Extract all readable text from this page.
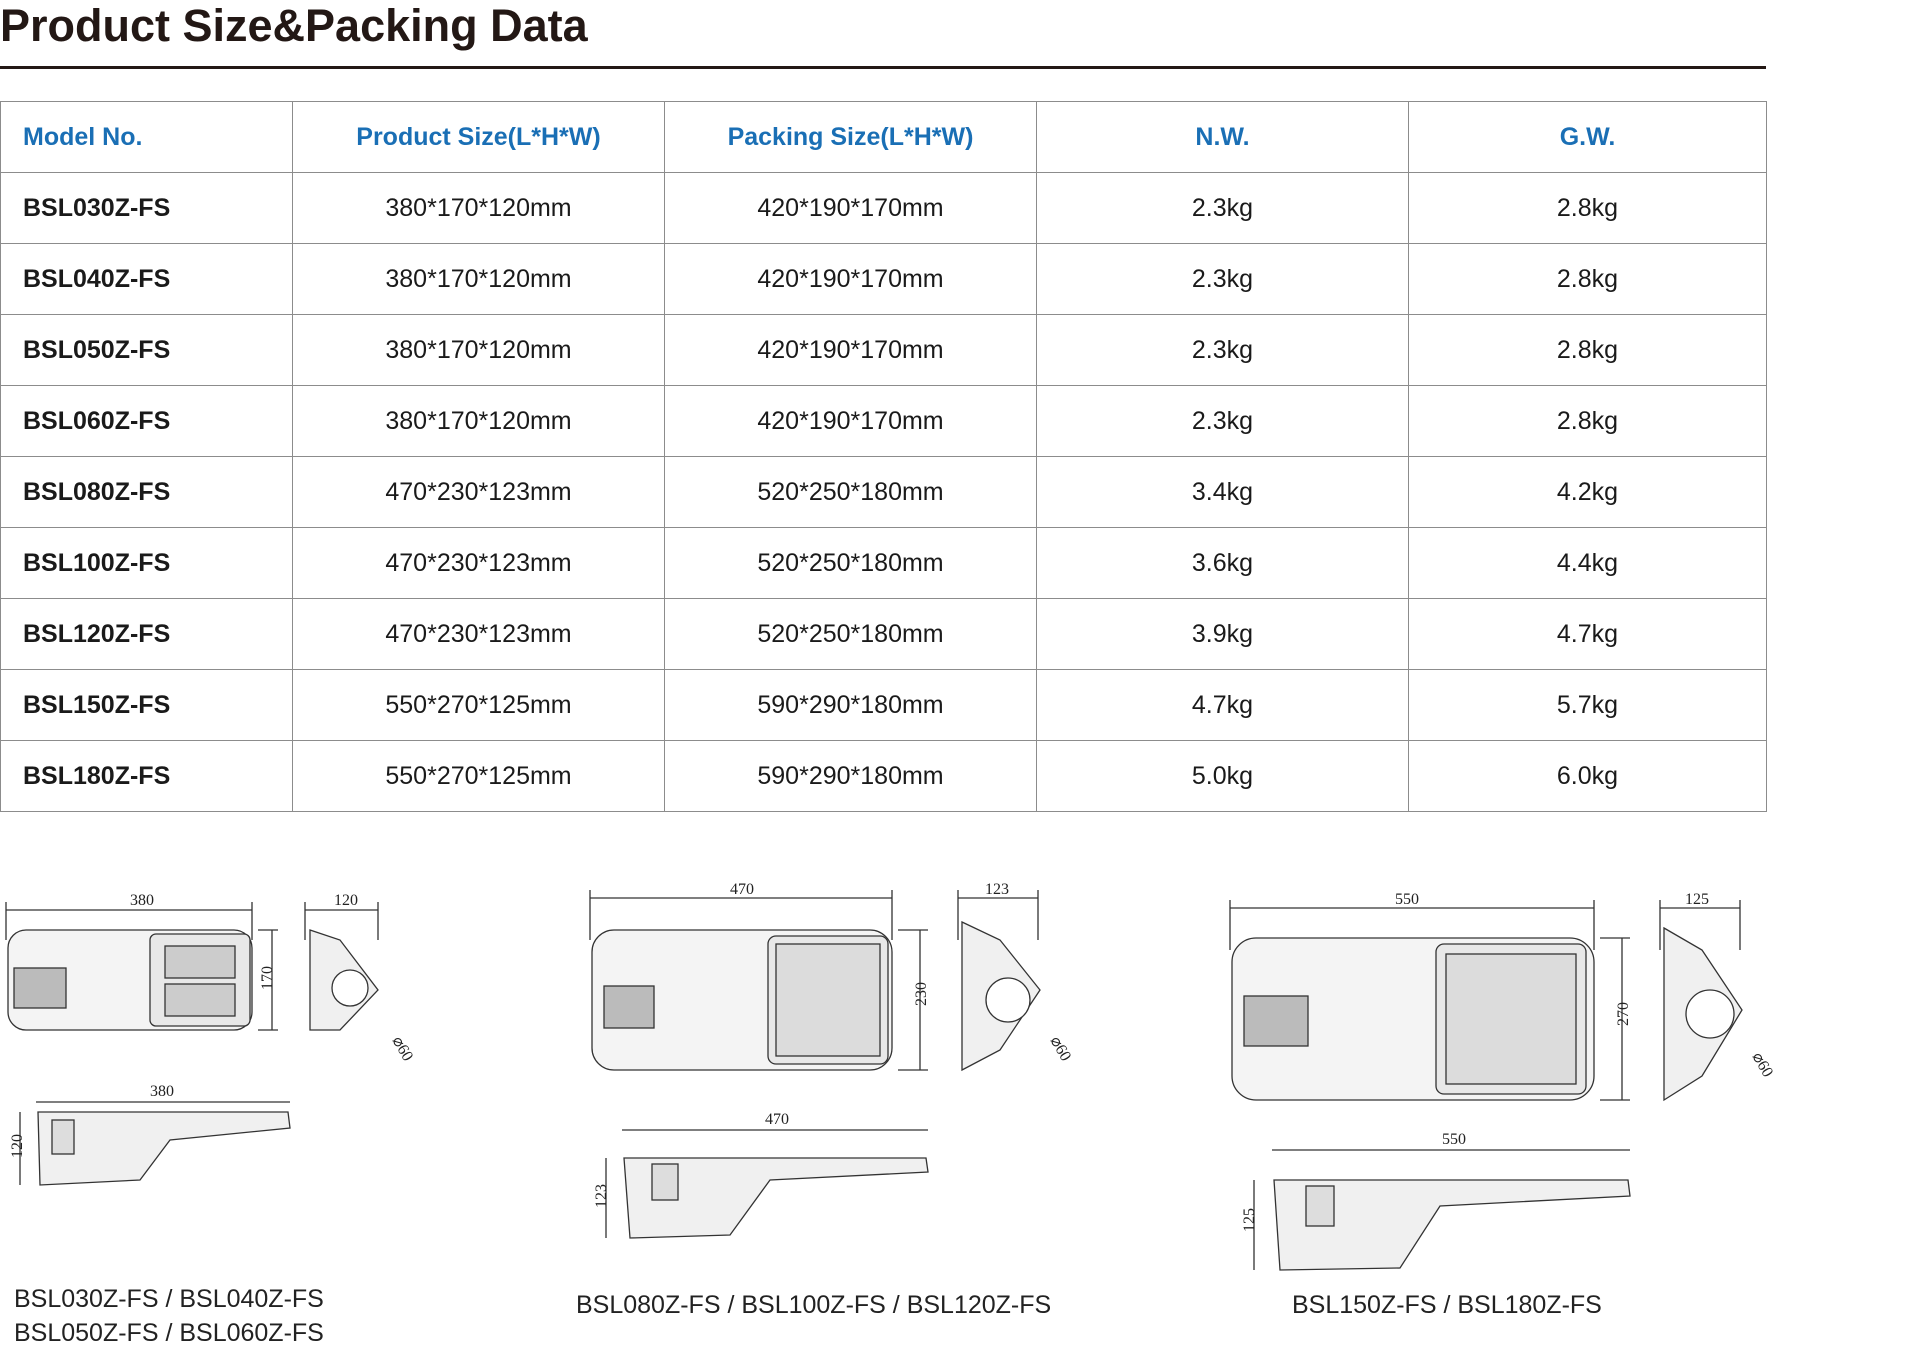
Product Size&Packing Data
Model No.	Product Size(L*H*W)	Packing Size(L*H*W)	N.W.	G.W.
BSL030Z-FS	380*170*120mm	420*190*170mm	2.3kg	2.8kg
BSL040Z-FS	380*170*120mm	420*190*170mm	2.3kg	2.8kg
BSL050Z-FS	380*170*120mm	420*190*170mm	2.3kg	2.8kg
BSL060Z-FS	380*170*120mm	420*190*170mm	2.3kg	2.8kg
BSL080Z-FS	470*230*123mm	520*250*180mm	3.4kg	4.2kg
BSL100Z-FS	470*230*123mm	520*250*180mm	3.6kg	4.4kg
BSL120Z-FS	470*230*123mm	520*250*180mm	3.9kg	4.7kg
BSL150Z-FS	550*270*125mm	590*290*180mm	4.7kg	5.7kg
BSL180Z-FS	550*270*125mm	590*290*180mm	5.0kg	6.0kg
380	120
170
⌀60
380
120
BSL030Z-FS / BSL040Z-FS
BSL050Z-FS / BSL060Z-FS
470	123
230
⌀60
470
123
BSL080Z-FS / BSL100Z-FS / BSL120Z-FS
550	125
270
⌀60
550
125
BSL150Z-FS / BSL180Z-FS
